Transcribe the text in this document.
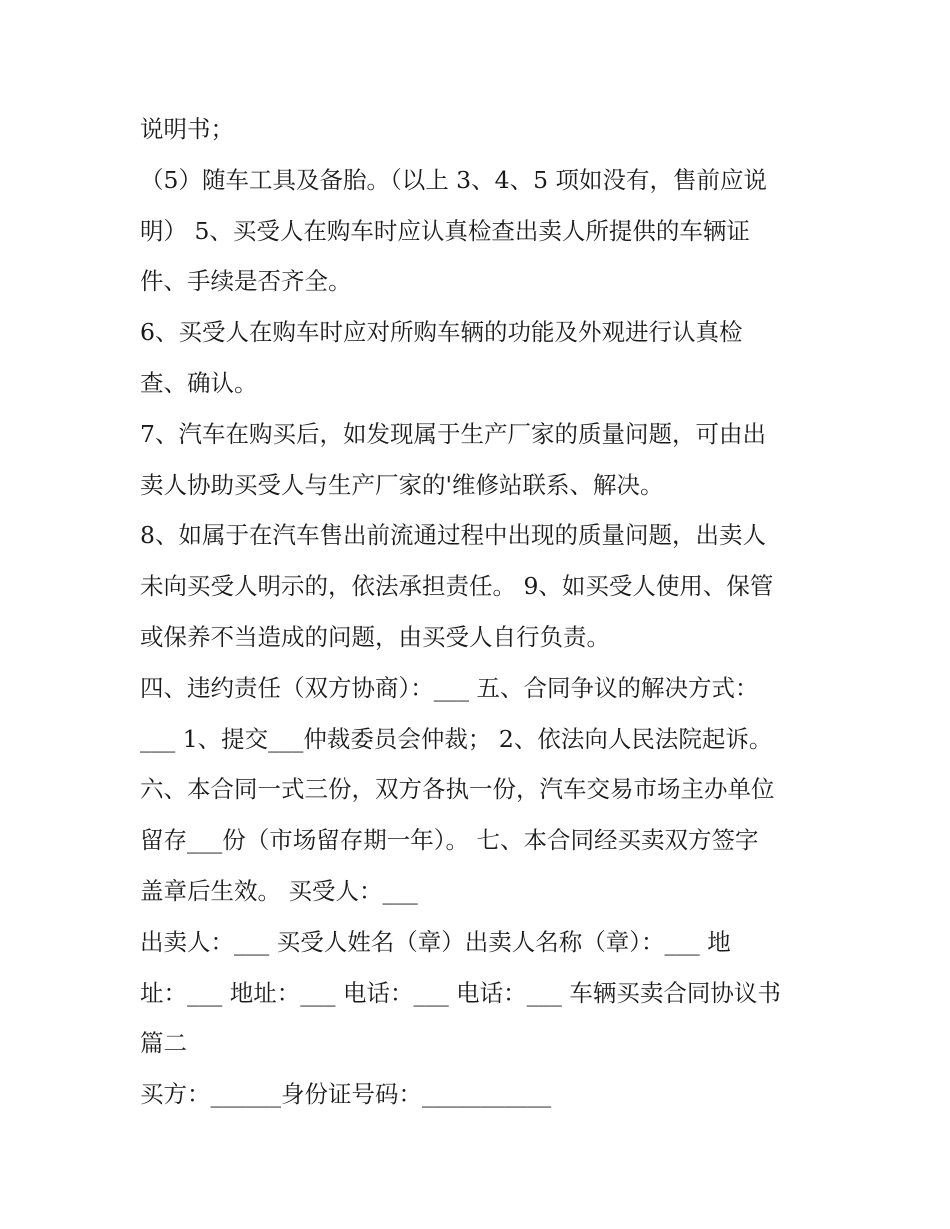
说明书；
（5）随车工具及备胎。（以上 3、4、5 项如没有，售前应说
明） 5、买受人在购车时应认真检查出卖人所提供的车辆证
件、手续是否齐全。
6、买受人在购车时应对所购车辆的功能及外观进行认真检
查、确认。
7、汽车在购买后，如发现属于生产厂家的质量问题，可由出
卖人协助买受人与生产厂家的'维修站联系、解决。
8、如属于在汽车售出前流通过程中出现的质量问题，出卖人
未向买受人明示的，依法承担责任。 9、如买受人使用、保管
或保养不当造成的问题，由买受人自行负责。
四、违约责任（双方协商）：___ 五、合同争议的解决方式：
___ 1、提交___仲裁委员会仲裁； 2、依法向人民法院起诉。
六、本合同一式三份，双方各执一份，汽车交易市场主办单位
留存___份（市场留存期一年）。 七、本合同经买卖双方签字
盖章后生效。 买受人：___
出卖人：___ 买受人姓名（章）出卖人名称（章）：___ 地
址：___ 地址：___ 电话：___ 电话：___ 车辆买卖合同协议书
篇二
买方：______身份证号码：___________
